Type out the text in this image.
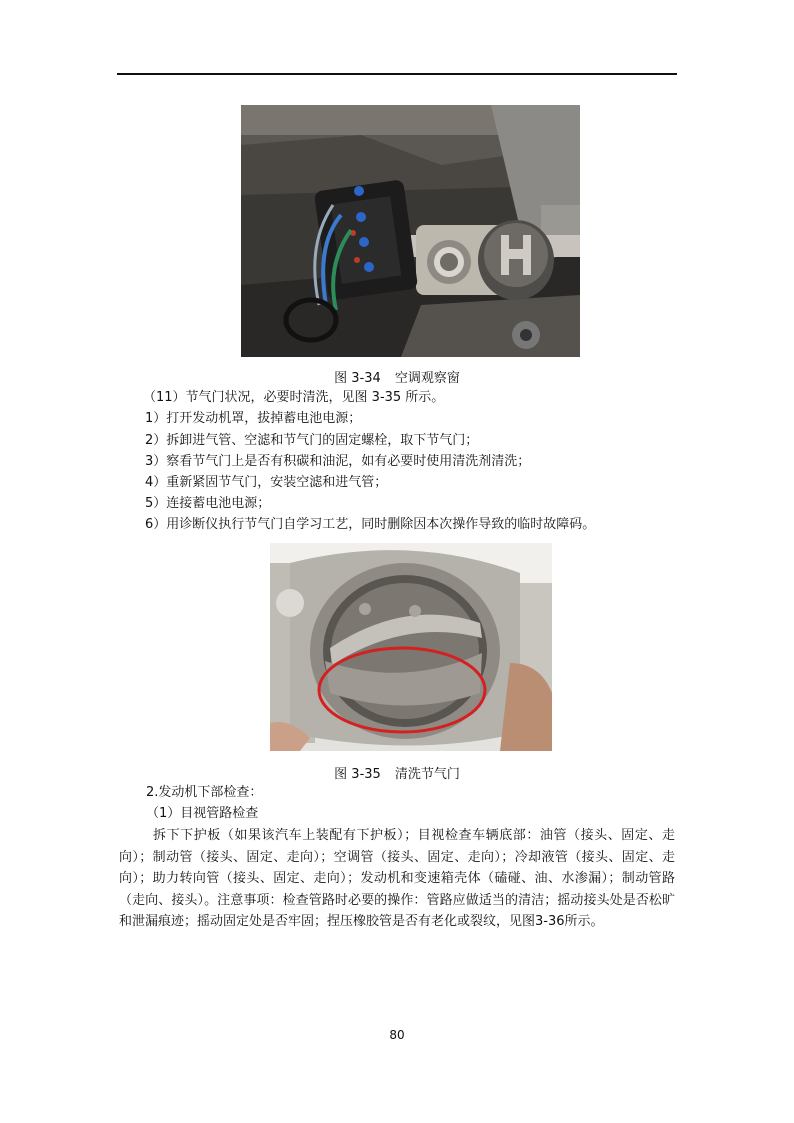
图 3-34 空调观察窗
（11）节气门状况，必要时清洗，见图 3-35 所示。
1）打开发动机罩，拔掉蓄电池电源；
2）拆卸进气管、空滤和节气门的固定螺栓，取下节气门；
3）察看节气门上是否有积碳和油泥，如有必要时使用清洗剂清洗；
4）重新紧固节气门，安装空滤和进气管；
5）连接蓄电池电源；
6）用诊断仪执行节气门自学习工艺，同时删除因本次操作导致的临时故障码。
图 3-35 清洗节气门
2.发动机下部检查：
（1）目视管路检查

拆下下护板（如果该汽车上装配有下护板）；目视检查车辆底部：油管（接头、固定、走向）；制动管（接头、固定、走向）；空调管（接头、固定、走向）；冷却液管（接头、固定、走向）；助力转向管（接头、固定、走向）；发动机和变速箱壳体（磕碰、油、水渗漏）；制动管路（走向、接头）。注意事项：检查管路时必要的操作：管路应做适当的清洁；摇动接头处是否松旷和泄漏痕迹；摇动固定处是否牢固；捏压橡胶管是否有老化或裂纹，见图3-36所示。

80
